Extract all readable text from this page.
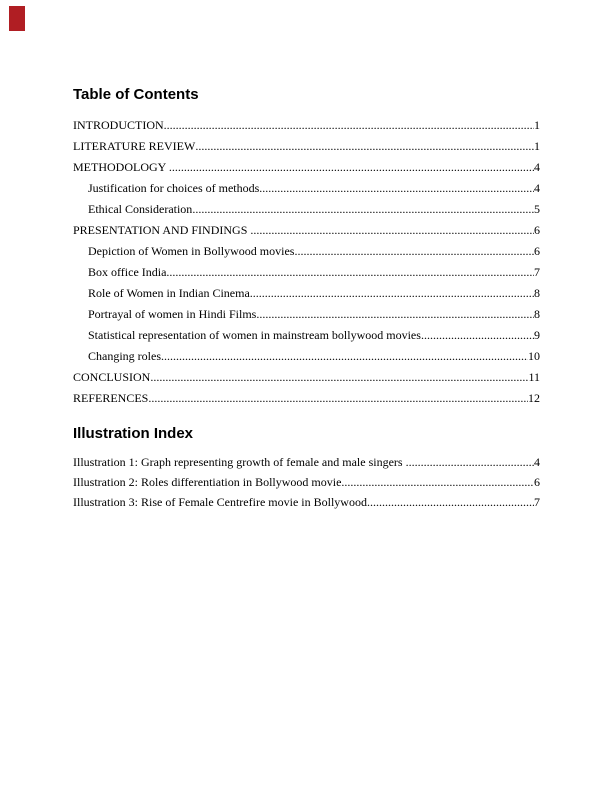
Table of Contents
INTRODUCTION .....	1
LITERATURE REVIEW .....	1
METHODOLOGY .....	4
Justification for choices of methods .....	4
Ethical Consideration .....	5
PRESENTATION AND FINDINGS .....	6
Depiction of Women in Bollywood movies .....	6
Box office India .....	7
Role of Women in Indian Cinema .....	8
Portrayal of women in Hindi Films .....	8
Statistical representation of women in mainstream bollywood movies .....	9
Changing roles .....	10
CONCLUSION .....	11
REFERENCES .....	12
Illustration Index
Illustration 1: Graph representing growth of female and male singers .....	4
Illustration 2: Roles differentiation in Bollywood movie .....	6
Illustration 3: Rise of Female Centrefire movie in Bollywood .....	7
